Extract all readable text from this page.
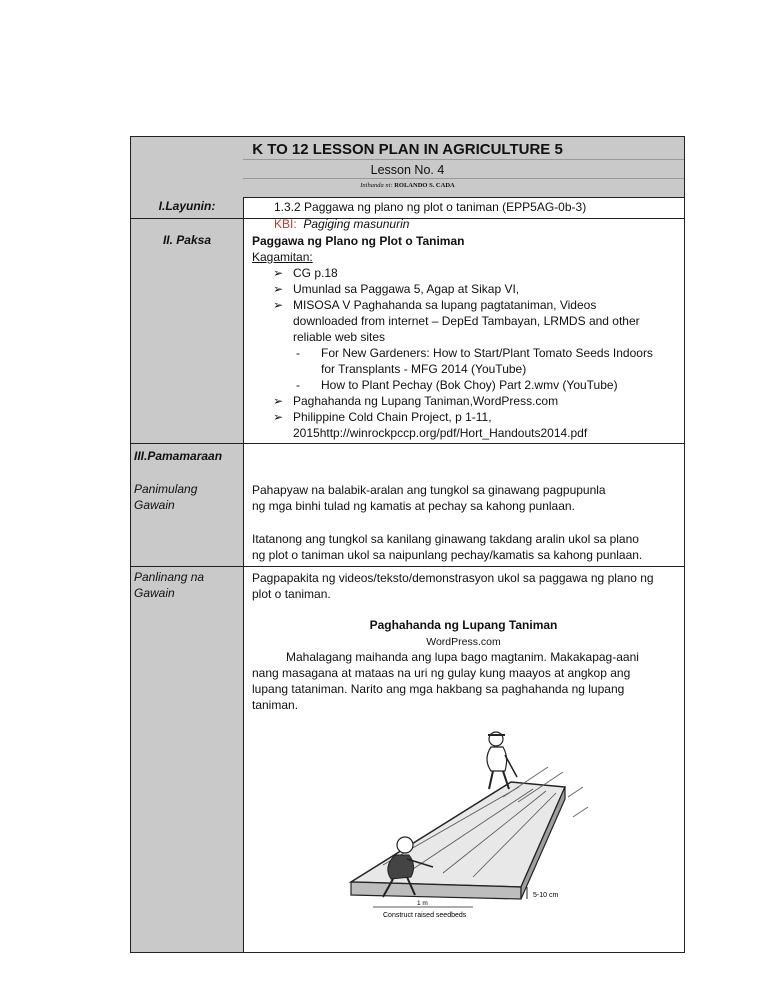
K TO 12 LESSON PLAN IN AGRICULTURE 5
Lesson No. 4
Inihanda ni: ROLANDO S. CADA
I.Layunin:	1.3.2 Paggawa ng plano ng plot o taniman (EPP5AG-0b-3)
KBI: Pagiging masunurin
II. Paksa	Paggawa ng Plano ng Plot o Taniman
Kagamitan:
➢ CG p.18
➢ Umunlad sa Paggawa 5, Agap at Sikap VI,
➢ MISOSA V Paghahanda sa lupang pagtataniman, Videos
downloaded from internet – DepEd Tambayan, LRMDS and other
reliable web sites
- For New Gardeners: How to Start/Plant Tomato Seeds Indoors
for Transplants - MFG 2014 (YouTube)
- How to Plant Pechay (Bok Choy) Part 2.wmv (YouTube)
➢ Paghahanda ng Lupang Taniman,WordPress.com
➢ Philippine Cold Chain Project, p 1-11,
2015http://winrockpccp.org/pdf/Hort_Handouts2014.pdf
III.Pamamaraan
Panimulang
Gawain
Pahapyaw na balabik-aralan ang tungkol sa ginawang pagpupunla
ng mga binhi tulad ng kamatis at pechay sa kahong punlaan.
Itatanong ang tungkol sa kanilang ginawang takdang aralin ukol sa plano
ng plot o taniman ukol sa naipunlang pechay/kamatis sa kahong punlaan.
Panlinang na
Gawain
Pagpapakita ng videos/teksto/demonstrasyon ukol sa paggawa ng plano ng
plot o taniman.
Paghahanda ng Lupang Taniman
WordPress.com
Mahalagang maihanda ang lupa bago magtanim. Makakapag-aani
nang masagana at mataas na uri ng gulay kung maayos at angkop ang
lupang tataniman. Narito ang mga hakbang sa paghahanda ng lupang
taniman.
5-10 cm
1 m
Construct raised seedbeds
